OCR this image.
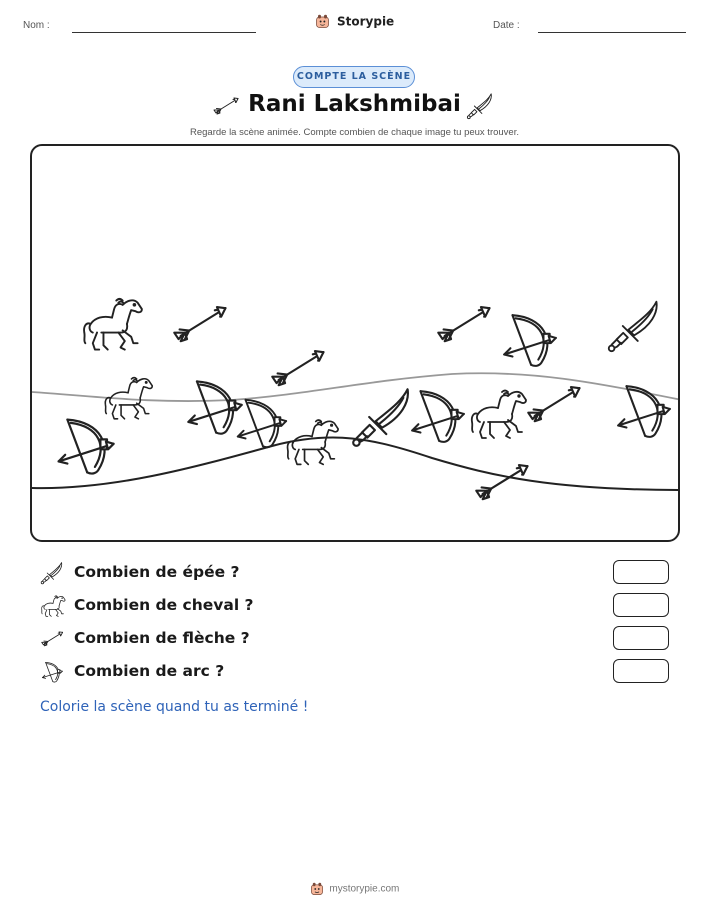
Nom :	Storypie	Date :
COMPTE LA SCÈNE
Rani Lakshmibai
Regarde la scène animée. Compte combien de chaque image tu peux trouver.
Combien de épée ?
Combien de cheval ?
Combien de flèche ?
Combien de arc ?
Colorie la scène quand tu as terminé !
mystorypie.com
